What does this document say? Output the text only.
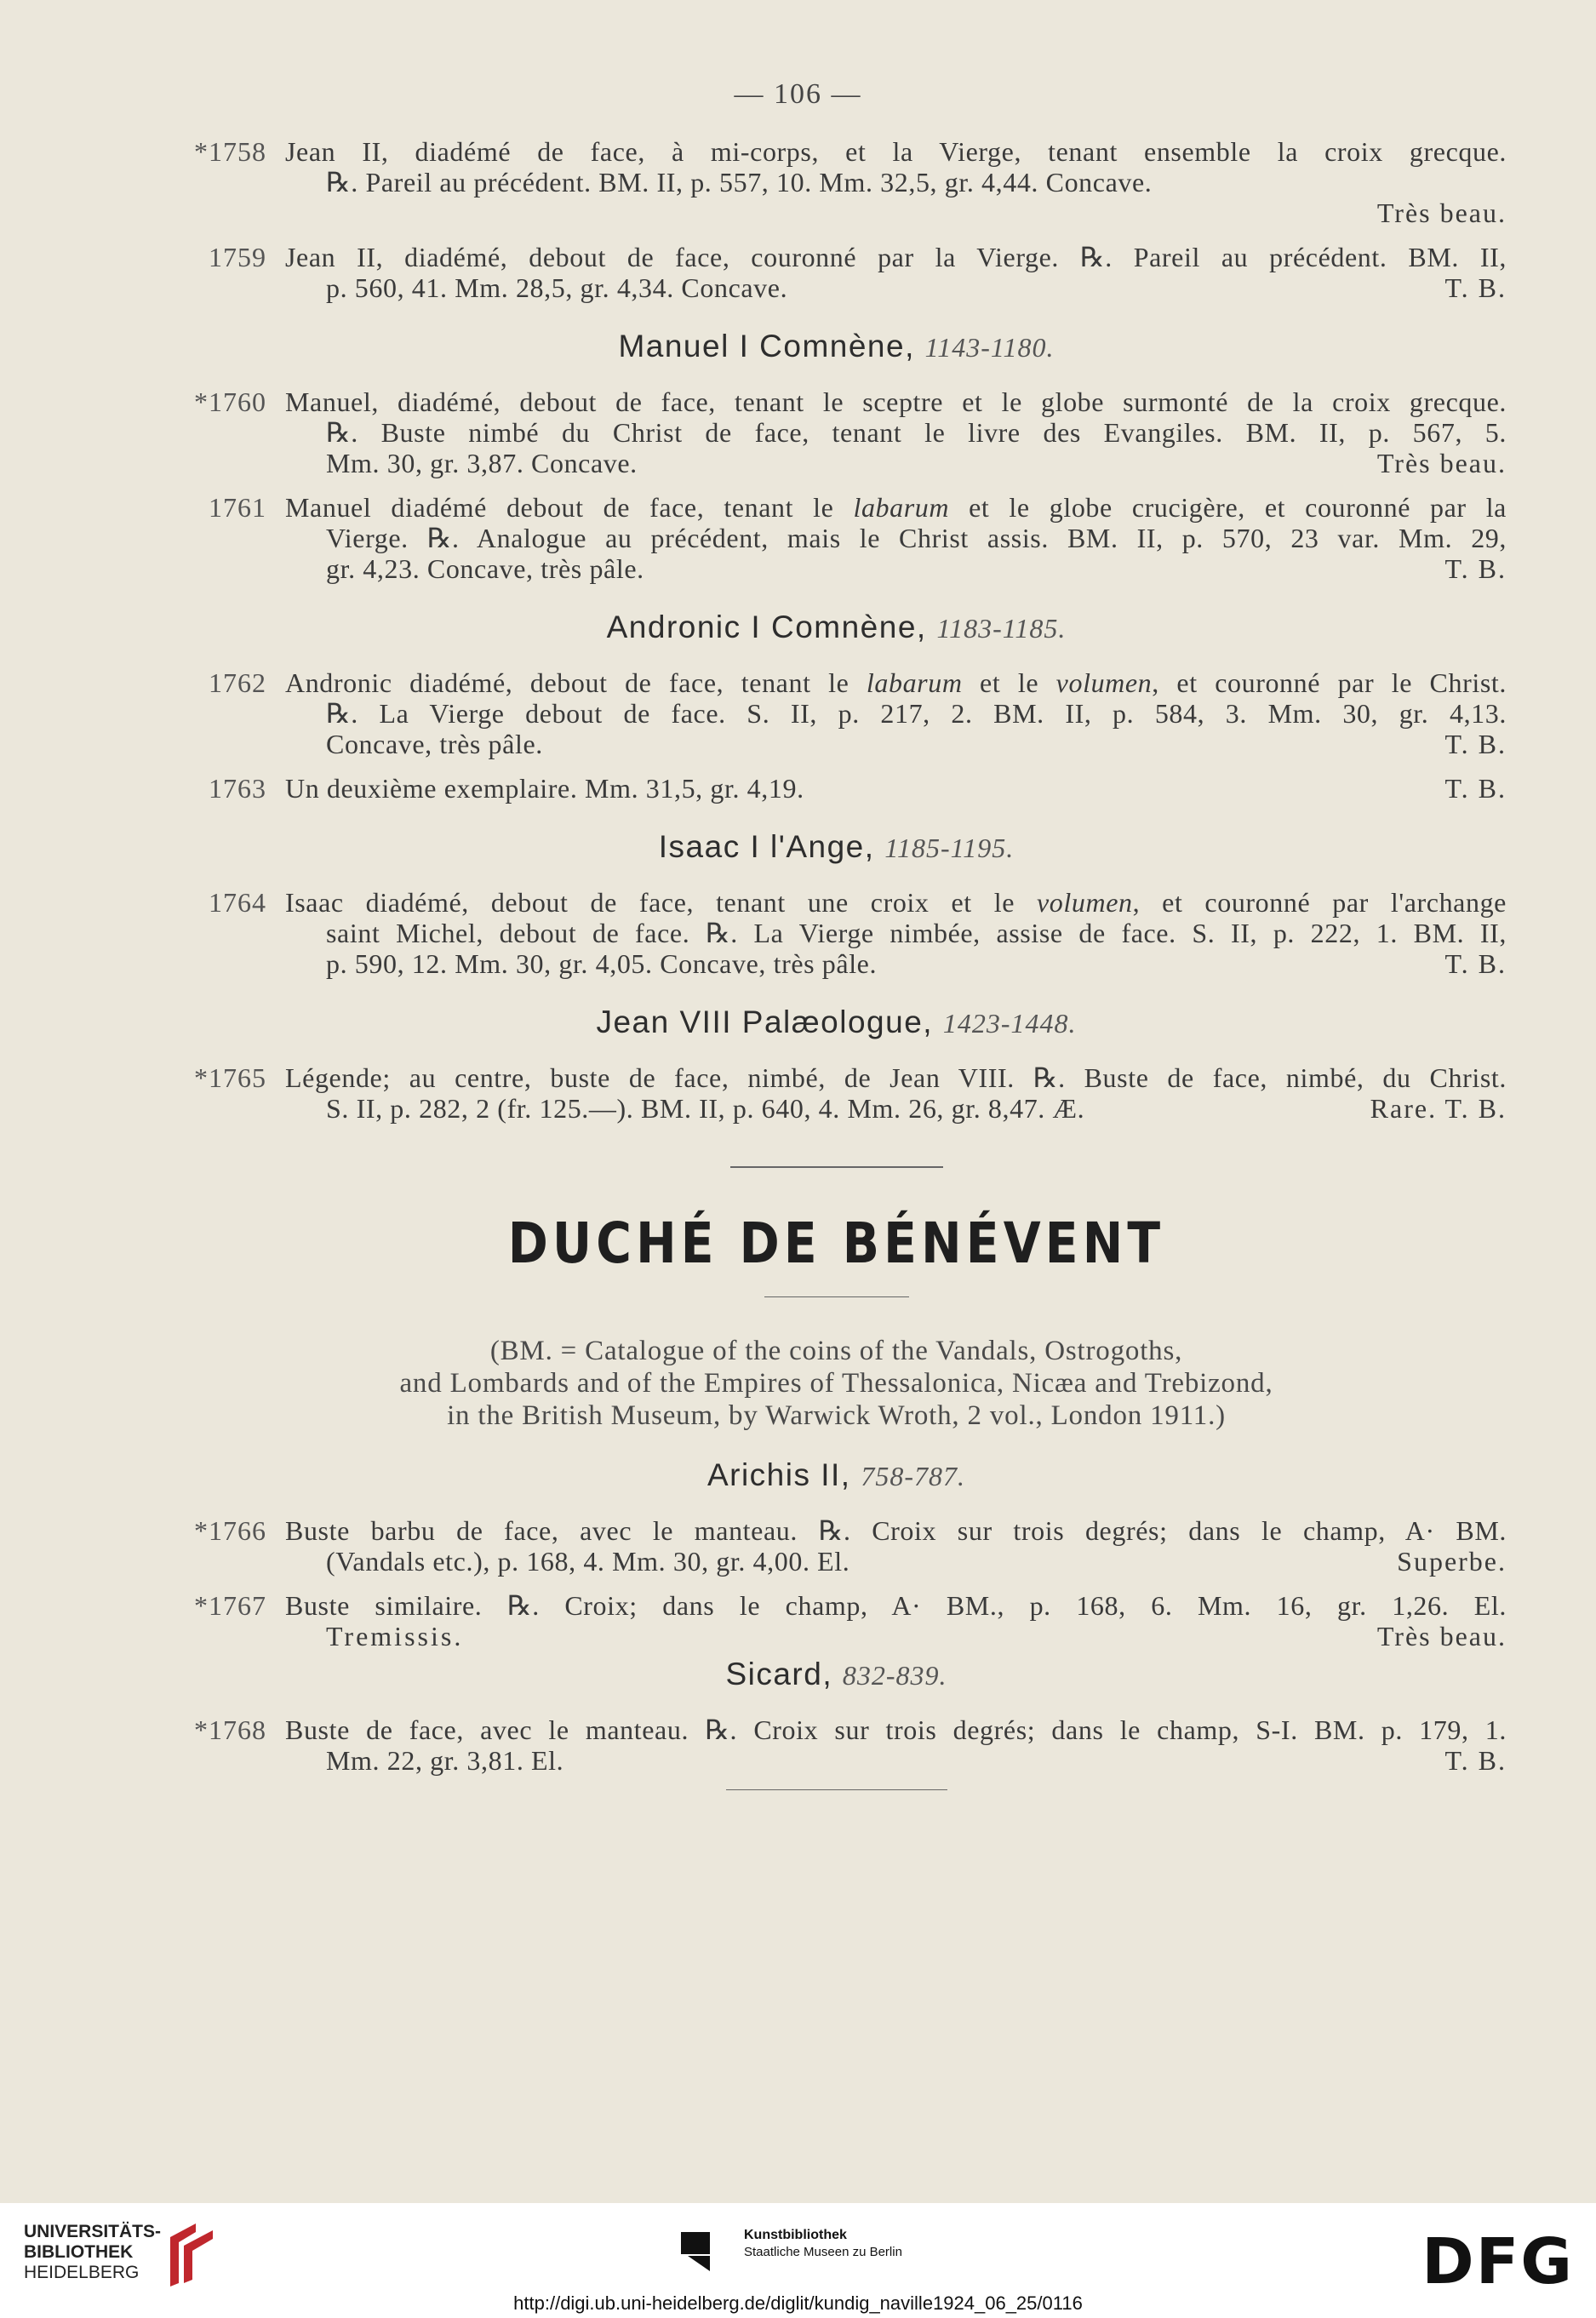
— 106 —
*1758 Jean II, diadémé de face, à mi-corps, et la Vierge, tenant ensemble la croix grecque.
℞. Pareil au précédent. BM. II, p. 557, 10. Mm. 32,5, gr. 4,44. Concave.
Très beau.

1759 Jean II, diadémé, debout de face, couronné par la Vierge. ℞. Pareil au précédent. BM. II,
p. 560, 41. Mm. 28,5, gr. 4,34. Concave.	T. B.
Manuel I Comnène, 1143-1180.
*1760 Manuel, diadémé, debout de face, tenant le sceptre et le globe surmonté de la croix grecque.
℞. Buste nimbé du Christ de face, tenant le livre des Evangiles. BM. II, p. 567, 5.
Mm. 30, gr. 3,87. Concave.	Très beau.
1761 Manuel diadémé debout de face, tenant le labarum et le globe crucigère, et couronné par la
Vierge. ℞. Analogue au précédent, mais le Christ assis. BM. II, p. 570, 23 var. Mm. 29,
gr. 4,23. Concave, très pâle.	T. B.
Andronic I Comnène, 1183-1185.
1762 Andronic diadémé, debout de face, tenant le labarum et le volumen, et couronné par le Christ.
℞. La Vierge debout de face. S. II, p. 217, 2. BM. II, p. 584, 3. Mm. 30, gr. 4,13.
Concave, très pâle.	T. B.
1763 Un deuxième exemplaire. Mm. 31,5, gr. 4,19.	T. B.
Isaac I l'Ange, 1185-1195.
1764 Isaac diadémé, debout de face, tenant une croix et le volumen, et couronné par l'archange
saint Michel, debout de face. ℞. La Vierge nimbée, assise de face. S. II, p. 222, 1. BM. II,
p. 590, 12. Mm. 30, gr. 4,05. Concave, très pâle.	T. B.
Jean VIII Palæologue, 1423-1448.
*1765 Légende; au centre, buste de face, nimbé, de Jean VIII. ℞. Buste de face, nimbé, du Christ.
S. II, p. 282, 2 (fr. 125.—). BM. II, p. 640, 4. Mm. 26, gr. 8,47. Æ.	Rare. T. B.
DUCHÉ DE BÉNÉVENT
(BM. = Catalogue of the coins of the Vandals, Ostrogoths,
and Lombards and of the Empires of Thessalonica, Nicæa and Trebizond,
in the British Museum, by Warwick Wroth, 2 vol., London 1911.)
Arichis II, 758-787.
*1766 Buste barbu de face, avec le manteau. ℞. Croix sur trois degrés; dans le champ, A· BM.
(Vandals etc.), p. 168, 4. Mm. 30, gr. 4,00. El.	Superbe.
*1767 Buste similaire. ℞. Croix; dans le champ, A· BM., p. 168, 6. Mm. 16, gr. 1,26. El.
Tremissis.	Très beau.
Sicard, 832-839.
*1768 Buste de face, avec le manteau. ℞. Croix sur trois degrés; dans le champ, S-I. BM. p. 179, 1.
Mm. 22, gr. 3,81. El.	T. B.
UNIVERSITÄTS-
BIBLIOTHEK
HEIDELBERG
Kunstbibliothek
Staatliche Museen zu Berlin	DFG
http://digi.ub.uni-heidelberg.de/diglit/kundig_naville1924_06_25/0116
